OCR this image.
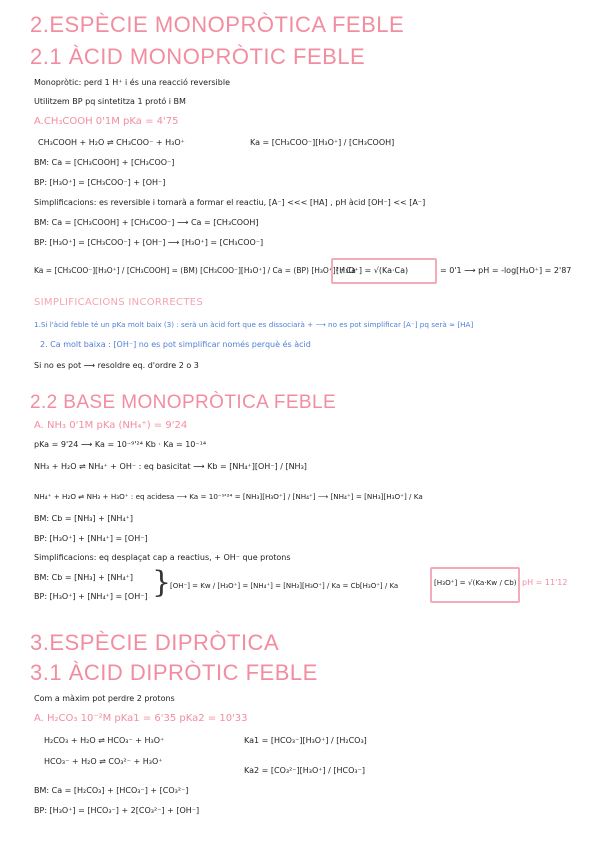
2.ESPÈCIE MONOPRÒTICA FEBLE
2.1 ÀCID MONOPRÒTIC FEBLE
Monopròtic: perd 1 H⁺ i és una reacció reversible
Utilitzem BP pq sintetitza 1 protó i BM
A.CH₃COOH 0'1M pKa = 4'75
CH₃COOH + H₂O ⇌ CH₃COO⁻ + H₃O⁺	Ka = [CH₃COO⁻][H₃O⁺] / [CH₃COOH]
BM: Ca = [CH₃COOH] + [CH₃COO⁻]
BP: [H₃O⁺] = [CH₃COO⁻] + [OH⁻]
Simplificacions: es reversible i tornarà a formar el reactiu, [A⁻] <<< [HA] , pH àcid [OH⁻] << [A⁻]
BM: Ca = [CH₃COOH] + [CH₃COO⁻] ⟶ Ca = [CH₃COOH]
BP: [H₃O⁺] = [CH₃COO⁻] + [OH⁻] ⟶ [H₃O⁺] = [CH₃COO⁻]
Ka = [CH₃COO⁻][H₃O⁺] / [CH₃COOH] = (BM) [CH₃COO⁻][H₃O⁺] / Ca = (BP) [H₃O⁺]² / Ca
[H₃O⁺] = √(Ka·Ca)	= 0'1 ⟶ pH = -log[H₃O⁺] = 2'87
SIMPLIFICACIONS INCORRECTES
1.Si l'àcid feble té un pKa molt baix (3) : serà un àcid fort que es dissociarà + ⟶ no es pot simplificar [A⁻] pq serà ≈ [HA]
2. Ca molt baixa : [OH⁻] no es pot simplificar només perquè és àcid
Si no es pot ⟶ resoldre eq. d'ordre 2 o 3
2.2 BASE MONOPRÒTICA FEBLE
A. NH₃ 0'1M pKa (NH₄⁺) = 9'24
pKa = 9'24 ⟶ Ka = 10⁻⁹'²⁴ Kb · Ka = 10⁻¹⁴
NH₃ + H₂O ⇌ NH₄⁺ + OH⁻ : eq basicitat ⟶ Kb = [NH₄⁺][OH⁻] / [NH₃]
NH₄⁺ + H₂O ⇌ NH₃ + H₃O⁺ : eq acidesa ⟶ Ka = 10⁻⁹'²⁴ = [NH₃][H₃O⁺] / [NH₄⁺] ⟶ [NH₄⁺] = [NH₃][H₃O⁺] / Ka
BM: Cb = [NH₃] + [NH₄⁺]
BP: [H₃O⁺] + [NH₄⁺] = [OH⁻]
Simplificacions: eq desplaçat cap a reactius, + OH⁻ que protons
BM: Cb = [NH₃] + [NH₄⁺]
BP: [H₃O⁺] + [NH₄⁺] = [OH⁻] }
[OH⁻] = Kw / [H₃O⁺] = [NH₄⁺] = [NH₃][H₃O⁺] / Ka = Cb[H₃O⁺] / Ka	[H₃O⁺] = √(Ka·Kw / Cb) pH = 11'12
3.ESPÈCIE DIPRÒTICA
3.1 ÀCID DIPRÒTIC FEBLE
Com a màxim pot perdre 2 protons
A. H₂CO₃ 10⁻²M pKa1 = 6'35 pKa2 = 10'33
H₂CO₃ + H₂O ⇌ HCO₃⁻ + H₃O⁺
HCO₃⁻ + H₂O ⇌ CO₃²⁻ + H₃O⁺
Ka1 = [HCO₃⁻][H₃O⁺] / [H₂CO₃]
Ka2 = [CO₃²⁻][H₃O⁺] / [HCO₃⁻]
BM: Ca = [H₂CO₃] + [HCO₃⁻] + [CO₃²⁻]
BP: [H₃O⁺] = [HCO₃⁻] + 2[CO₃²⁻] + [OH⁻]
